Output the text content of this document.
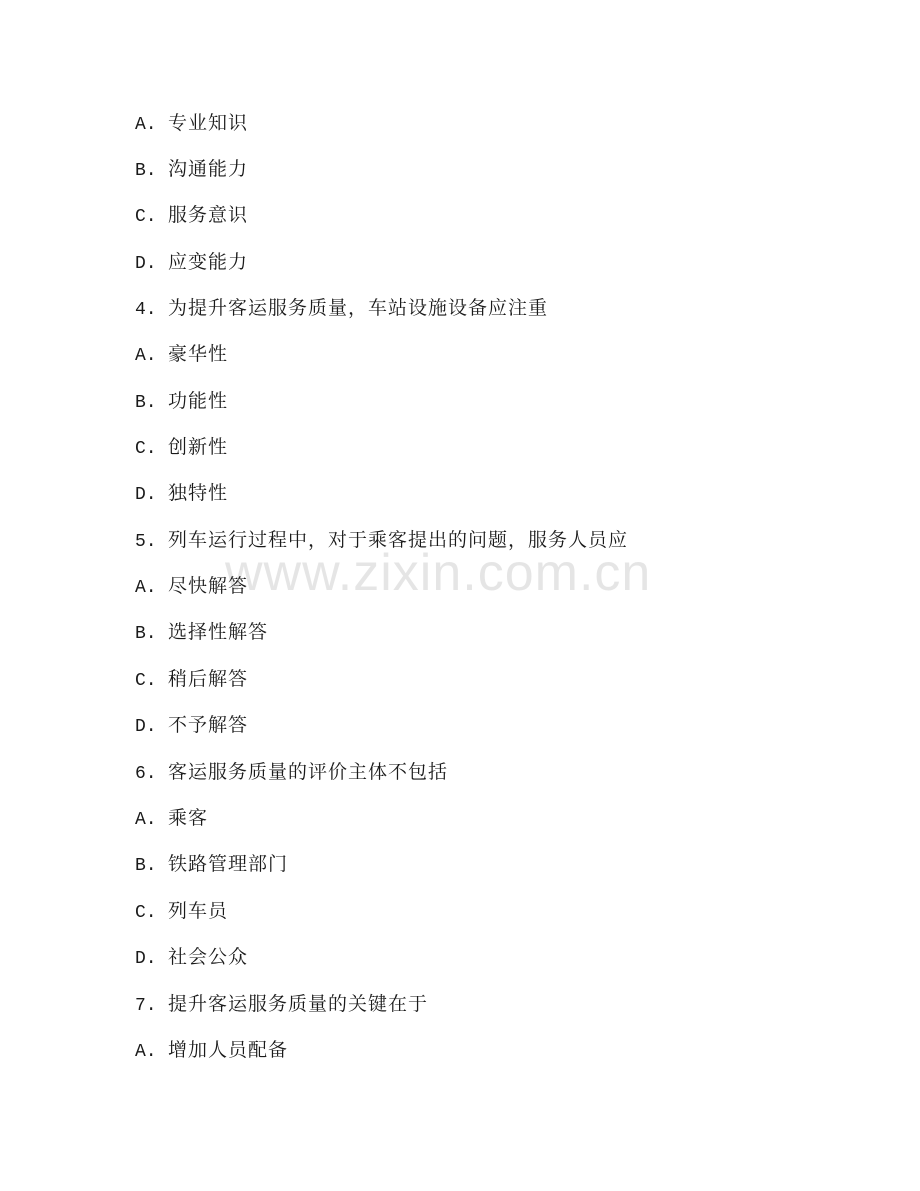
A. 专业知识
B. 沟通能力
C. 服务意识
D. 应变能力
4. 为提升客运服务质量，车站设施设备应注重
A. 豪华性
B. 功能性
C. 创新性
D. 独特性
5. 列车运行过程中，对于乘客提出的问题，服务人员应
A. 尽快解答
B. 选择性解答
C. 稍后解答
D. 不予解答
6. 客运服务质量的评价主体不包括
A. 乘客
B. 铁路管理部门
C. 列车员
D. 社会公众
7. 提升客运服务质量的关键在于
A. 增加人员配备
www.zixin.com.cn
